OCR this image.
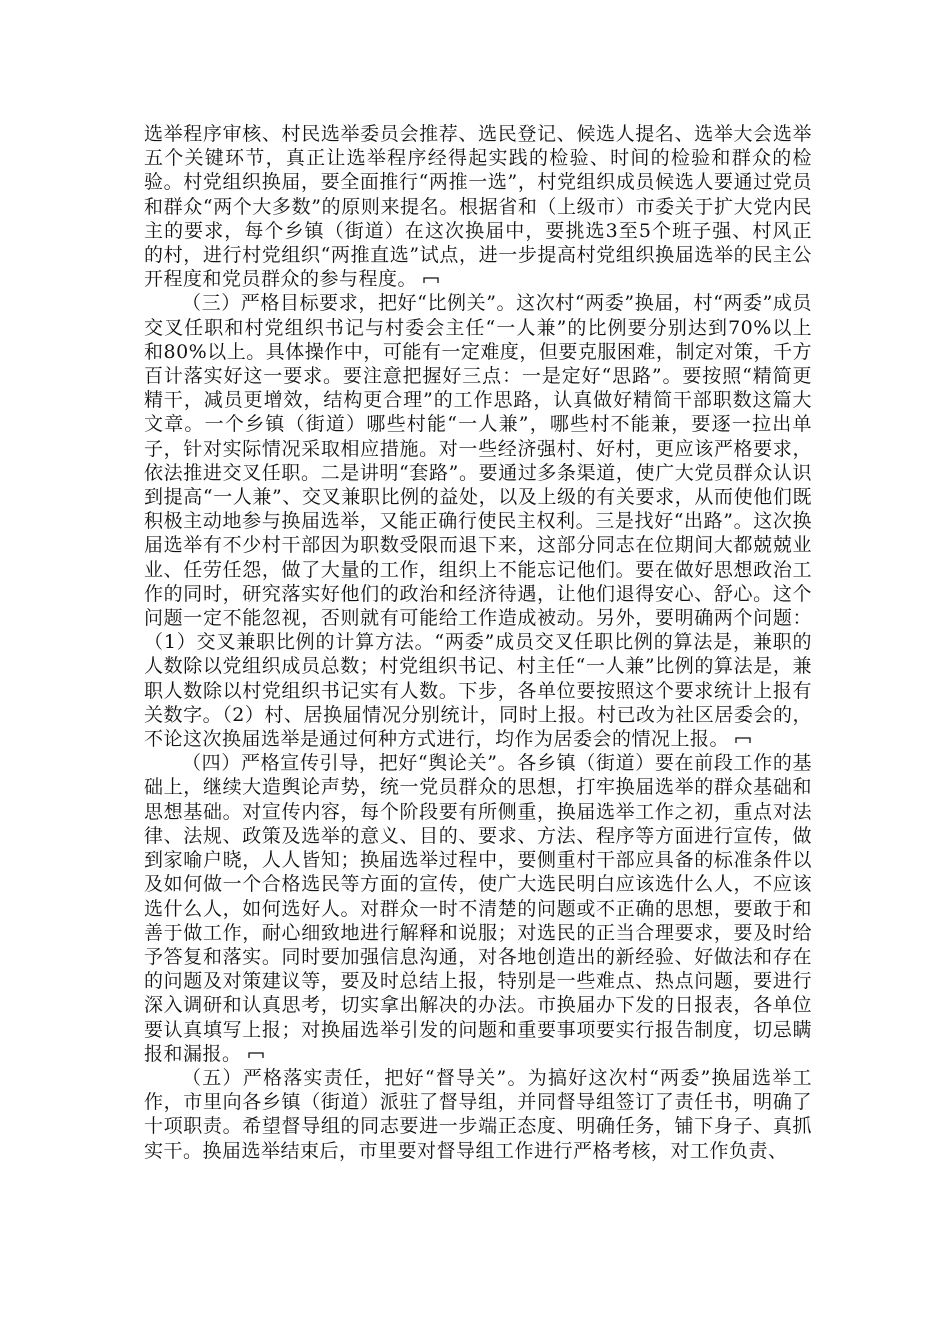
选举程序审核、村民选举委员会推荐、选民登记、候选人提名、选举大会选举五个关键环节，真正让选举程序经得起实践的检验、时间的检验和群众的检验。村党组织换届，要全面推行“两推一选”，村党组织成员候选人要通过党员和群众“两个大多数”的原则来提名。根据省和（上级市）市委关于扩大党内民主的要求，每个乡镇（街道）在这次换届中，要挑选3至5个班子强、村风正的村，进行村党组织“两推直选”试点，进一步提高村党组织换届选举的民主公开程度和党员群众的参与程度。

（三）严格目标要求，把好“比例关”。这次村“两委”换届，村“两委”成员交叉任职和村党组织书记与村委会主任“一人兼”的比例要分别达到70%以上和80%以上。具体操作中，可能有一定难度，但要克服困难，制定对策，千方百计落实好这一要求。要注意把握好三点：一是定好“思路”。要按照“精简更精干，减员更增效，结构更合理”的工作思路，认真做好精简干部职数这篇大文章。一个乡镇（街道）哪些村能“一人兼”，哪些村不能兼，要逐一拉出单子，针对实际情况采取相应措施。对一些经济强村、好村，更应该严格要求，依法推进交叉任职。二是讲明“套路”。要通过多条渠道，使广大党员群众认识到提高“一人兼”、交叉兼职比例的益处，以及上级的有关要求，从而使他们既积极主动地参与换届选举，又能正确行使民主权利。三是找好“出路”。这次换届选举有不少村干部因为职数受限而退下来，这部分同志在位期间大都兢兢业业、任劳任怨，做了大量的工作，组织上不能忘记他们。要在做好思想政治工作的同时，研究落实好他们的政治和经济待遇，让他们退得安心、舒心。这个问题一定不能忽视，否则就有可能给工作造成被动。另外，要明确两个问题：（1）交叉兼职比例的计算方法。“两委”成员交叉任职比例的算法是，兼职的人数除以党组织成员总数；村党组织书记、村主任“一人兼”比例的算法是，兼职人数除以村党组织书记实有人数。下步，各单位要按照这个要求统计上报有关数字。（2）村、居换届情况分别统计，同时上报。村已改为社区居委会的，不论这次换届选举是通过何种方式进行，均作为居委会的情况上报。

（四）严格宣传引导，把好“舆论关”。各乡镇（街道）要在前段工作的基础上，继续大造舆论声势，统一党员群众的思想，打牢换届选举的群众基础和思想基础。对宣传内容，每个阶段要有所侧重，换届选举工作之初，重点对法律、法规、政策及选举的意义、目的、要求、方法、程序等方面进行宣传，做到家喻户晓，人人皆知；换届选举过程中，要侧重村干部应具备的标准条件以及如何做一个合格选民等方面的宣传，使广大选民明白应该选什么人，不应该选什么人，如何选好人。对群众一时不清楚的问题或不正确的思想，要敢于和善于做工作，耐心细致地进行解释和说服；对选民的正当合理要求，要及时给予答复和落实。同时要加强信息沟通，对各地创造出的新经验、好做法和存在的问题及对策建议等，要及时总结上报，特别是一些难点、热点问题，要进行深入调研和认真思考，切实拿出解决的办法。市换届办下发的日报表，各单位要认真填写上报；对换届选举引发的问题和重要事项要实行报告制度，切忌瞒报和漏报。

（五）严格落实责任，把好“督导关”。为搞好这次村“两委”换届选举工作，市里向各乡镇（街道）派驻了督导组，并同督导组签订了责任书，明确了十项职责。希望督导组的同志要进一步端正态度、明确任务，铺下身子、真抓实干。换届选举结束后，市里要对督导组工作进行严格考核，对工作负责、
